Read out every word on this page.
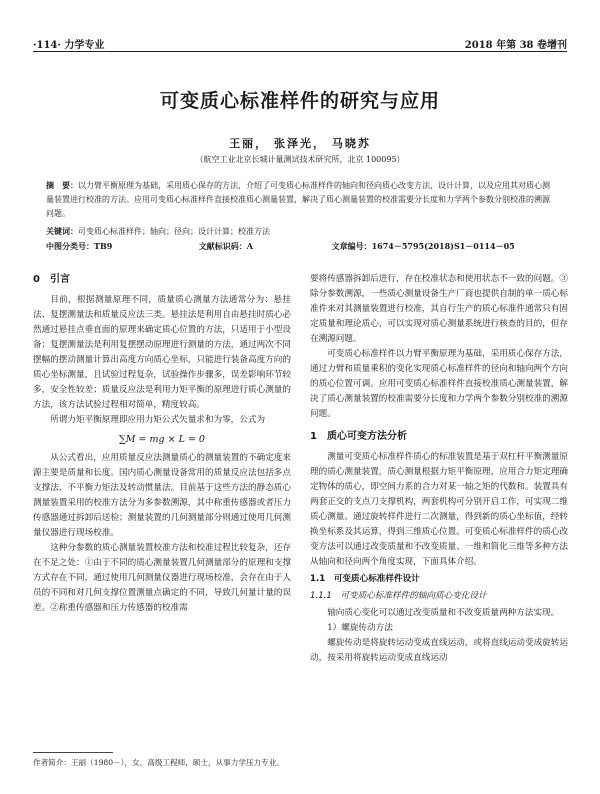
·114· 力学专业	2018 年第 38 卷增刊
可变质心标准样件的研究与应用
王丽， 张泽光， 马晓苏
（航空工业北京长城计量测试技术研究所，北京 100095）
摘　要：以力臂平衡原理为基础，采用质心保存的方法，介绍了可变质心标准样件的轴向和径向质心改变方法，设计计算，以及应用其对质心测量装置进行校准的方法。应用可变质心标准样件直接校准质心测量装置，解决了质心测量装置的校准需要分长度和力学两个参数分别校准的溯源问题。
关键词：可变质心标准样件；轴向；径向；设计计算；校准方法
中图分类号：TB9	文献标识码：A	文章编号：1674－5795(2018)S1－0114－05
0　引言

目前，根据测量原理不同，质量质心测量方法通常分为：悬挂法、复摆测量法和质量反应法三类。悬挂法是利用自由悬挂时质心必然通过悬挂点垂直面的原理来确定质心位置的方法，只适用于小型设备；复摆测量法是利用复摆摆动原理进行测量的方法，通过两次不同摆幅的摆动测量计算出高度方向质心坐标，只能进行装备高度方向的质心坐标测量，且试验过程复杂，试验操作步骤多，误差影响环节较多，安全性较差；质量反应法是利用力矩平衡的原理进行质心测量的方法，该方法试验过程相对简单，精度较高。

所谓力矩平衡原理即应用力矩公式矢量求和为零，公式为

∑M = mg × L = 0

从公式看出，应用质量反应法测量质心的测量装置的不确定度来源主要是质量和长度。国内质心测量设备常用的质量反应法包括多点支撑法、不平衡力矩法及转动惯量法。目前基于这些方法的静态质心测量装置采用的校准方法分为多参数溯源，其中称重传感器或者压力传感器通过拆卸后送检；测量装置的几何测量部分则通过使用几何测量仪器进行现场校准。

这种分参数的质心测量装置校准方法和校准过程比较复杂，还存在不足之处：①由于不同的质心测量装置几何测量部分的原理和支撑方式存在不同，通过使用几何测量仪器进行现场校准，会存在由于人员的不同和对几何支撑位置测量点确定的不同，导致几何量计量的误差。②称重传感器和压力传感器的校准需

要将传感器拆卸后进行，存在校准状态和使用状态不一致的问题。③除分参数溯源，一些质心测量设备生产厂商也提供自制的单一质心标准件来对其测量装置进行校准，其自行生产的质心标准件通常只有固定质量和理论质心，可以实现对质心测量系统进行核查的目的，但存在溯源问题。

可变质心标准样件以力臂平衡原理为基础，采用质心保存方法，通过力臂和质量乘积的变化实现质心标准样件的径向和轴向两个方向的质心位置可调。应用可变质心标准样件直接校准质心测量装置，解决了质心测量装置的校准需要分长度和力学两个参数分别校准的溯源问题。

1　质心可变方法分析

测量可变质心标准样件质心的标准装置是基于双杠杆平衡测量原理的质心测量装置，质心测量根据力矩平衡原理，应用合力矩定理确定物体的质心，即空间力系的合力对某一轴之矩的代数和。装置具有两套正交的支点刀支撑机构，两套机构可分别开启工作，可实现二维质心测量。通过旋转样件进行二次测量，得到新的质心坐标值，经转换坐标系及其运算，得到三维质心位置。可变质心标准样件的质心改变方法可以通过改变质量和不改变质量、一维和简化三维等多种方法从轴向和径向两个角度实现，下面具体介绍。

1.1　可变质心标准样件设计
1.1.1　可变质心标准样件的轴向质心变化设计

轴向质心变化可以通过改变质量和不改变质量两种方法实现。

1）螺旋传动方法

螺旋传动是将旋转运动变成直线运动，或将直线运动变成旋转运动，按采用将旋转运动变成直线运动

作者简介：王丽（1980－），女，高级工程师，硕士，从事力学压力专业。
